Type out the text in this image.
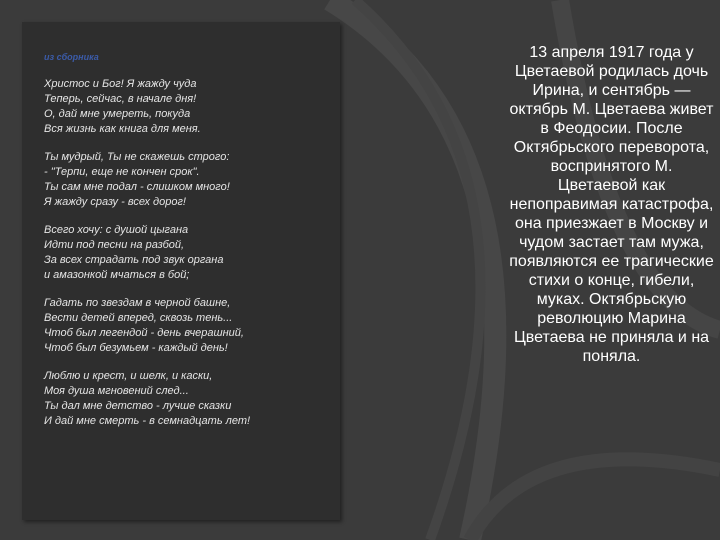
из сборника
Христос и Бог! Я жажду чуда
Теперь, сейчас, в начале дня!
О, дай мне умереть, покуда
Вся жизнь как книга для меня.
Ты мудрый, Ты не скажешь строго:
- "Терпи, еще не кончен срок".
Ты сам мне подал - слишком много!
Я жажду сразу - всех дорог!
Всего хочу: с душой цыгана
Идти под песни на разбой,
За всех страдать под звук органа
и амазонкой мчаться в бой;
Гадать по звездам в черной башне,
Вести детей вперед, сквозь тень...
Чтоб был легендой - день вчерашний,
Чтоб был безумьем - каждый день!
Люблю и крест, и шелк, и каски,
Моя душа мгновений след...
Ты дал мне детство - лучше сказки
И дай мне смерть - в семнадцать лет!
13 апреля 1917 года у Цветаевой родилась дочь Ирина, и сентябрь — октябрь М. Цветаева живет в Феодосии. После Октябрьского переворота, воспринятого М. Цветаевой как непоправимая катастрофа, она приезжает в Москву и чудом застает там мужа, появляются ее трагические стихи о конце, гибели, муках. Октябрьскую революцию Марина Цветаева не приняла и на поняла.
